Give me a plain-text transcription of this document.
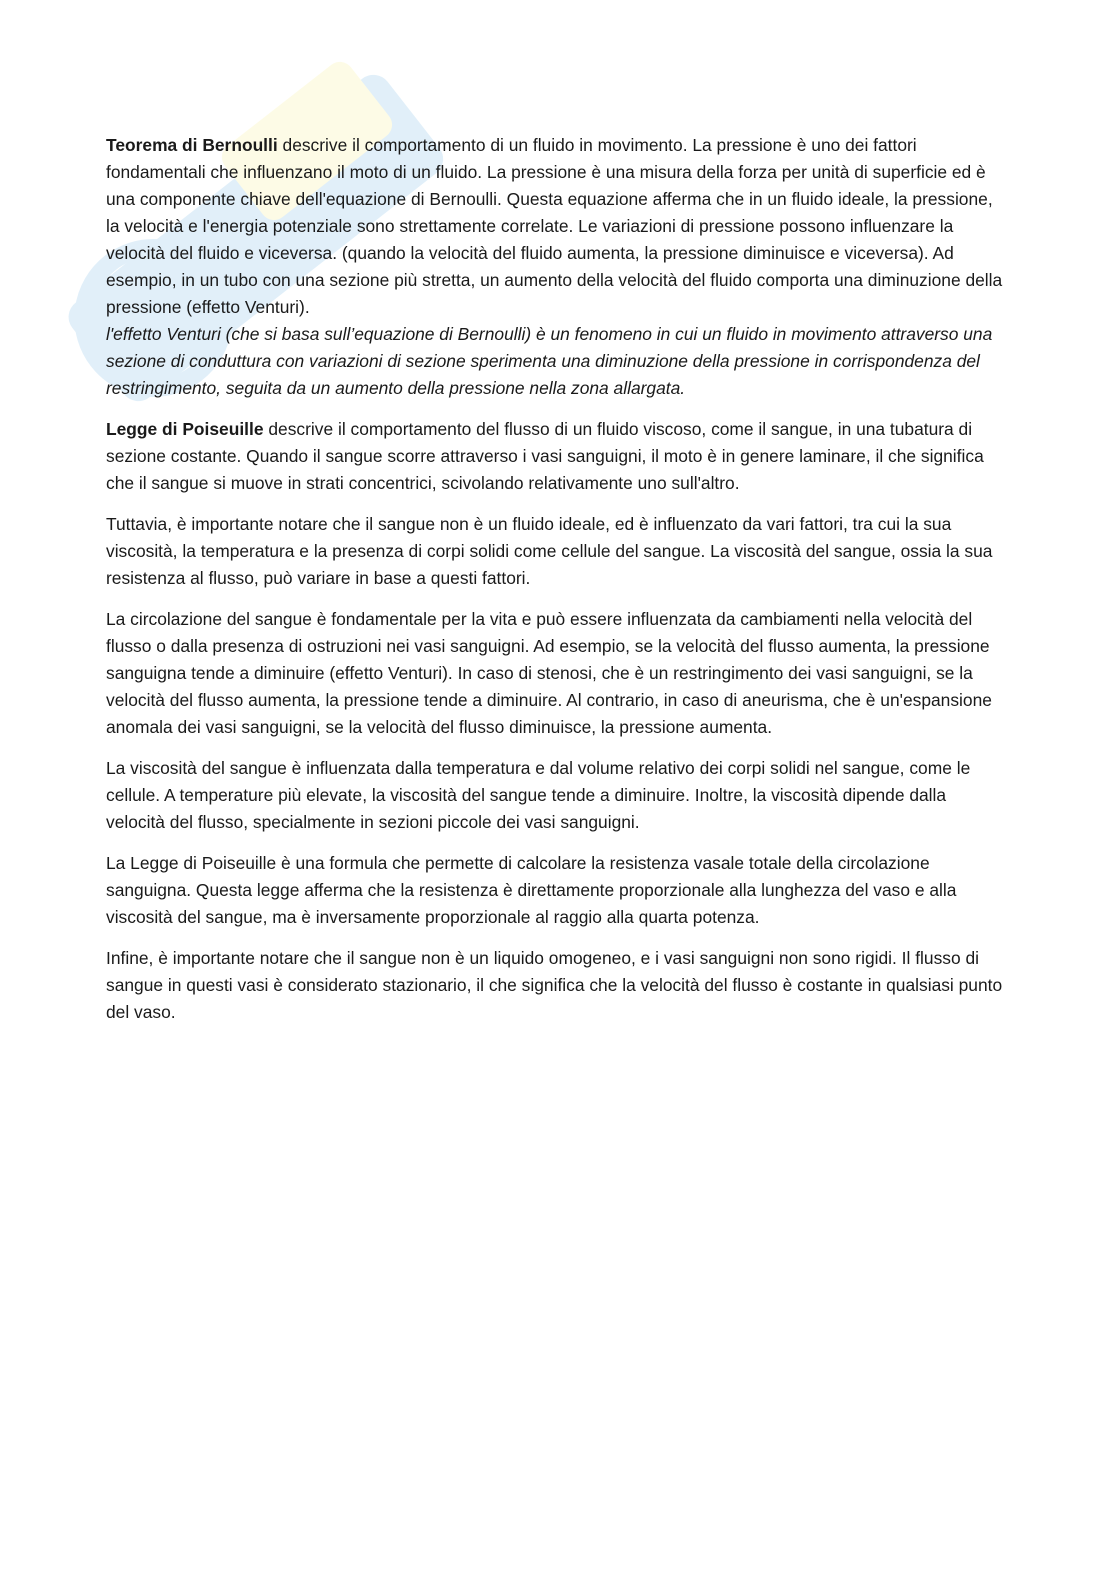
Teorema di Bernoulli descrive il comportamento di un fluido in movimento. La pressione è uno dei fattori fondamentali che influenzano il moto di un fluido. La pressione è una misura della forza per unità di superficie ed è una componente chiave dell'equazione di Bernoulli. Questa equazione afferma che in un fluido ideale, la pressione, la velocità e l'energia potenziale sono strettamente correlate. Le variazioni di pressione possono influenzare la velocità del fluido e viceversa. (quando la velocità del fluido aumenta, la pressione diminuisce e viceversa). Ad esempio, in un tubo con una sezione più stretta, un aumento della velocità del fluido comporta una diminuzione della pressione (effetto Venturi).

l'effetto Venturi (che si basa sull’equazione di Bernoulli) è un fenomeno in cui un fluido in movimento attraverso una sezione di conduttura con variazioni di sezione sperimenta una diminuzione della pressione in corrispondenza del restringimento, seguita da un aumento della pressione nella zona allargata.

Legge di Poiseuille descrive il comportamento del flusso di un fluido viscoso, come il sangue, in una tubatura di sezione costante. Quando il sangue scorre attraverso i vasi sanguigni, il moto è in genere laminare, il che significa che il sangue si muove in strati concentrici, scivolando relativamente uno sull'altro.

Tuttavia, è importante notare che il sangue non è un fluido ideale, ed è influenzato da vari fattori, tra cui la sua viscosità, la temperatura e la presenza di corpi solidi come cellule del sangue. La viscosità del sangue, ossia la sua resistenza al flusso, può variare in base a questi fattori.

La circolazione del sangue è fondamentale per la vita e può essere influenzata da cambiamenti nella velocità del flusso o dalla presenza di ostruzioni nei vasi sanguigni. Ad esempio, se la velocità del flusso aumenta, la pressione sanguigna tende a diminuire (effetto Venturi). In caso di stenosi, che è un restringimento dei vasi sanguigni, se la velocità del flusso aumenta, la pressione tende a diminuire. Al contrario, in caso di aneurisma, che è un'espansione anomala dei vasi sanguigni, se la velocità del flusso diminuisce, la pressione aumenta.

La viscosità del sangue è influenzata dalla temperatura e dal volume relativo dei corpi solidi nel sangue, come le cellule. A temperature più elevate, la viscosità del sangue tende a diminuire. Inoltre, la viscosità dipende dalla velocità del flusso, specialmente in sezioni piccole dei vasi sanguigni.

La Legge di Poiseuille è una formula che permette di calcolare la resistenza vasale totale della circolazione sanguigna. Questa legge afferma che la resistenza è direttamente proporzionale alla lunghezza del vaso e alla viscosità del sangue, ma è inversamente proporzionale al raggio alla quarta potenza.

Infine, è importante notare che il sangue non è un liquido omogeneo, e i vasi sanguigni non sono rigidi. Il flusso di sangue in questi vasi è considerato stazionario, il che significa che la velocità del flusso è costante in qualsiasi punto del vaso.
